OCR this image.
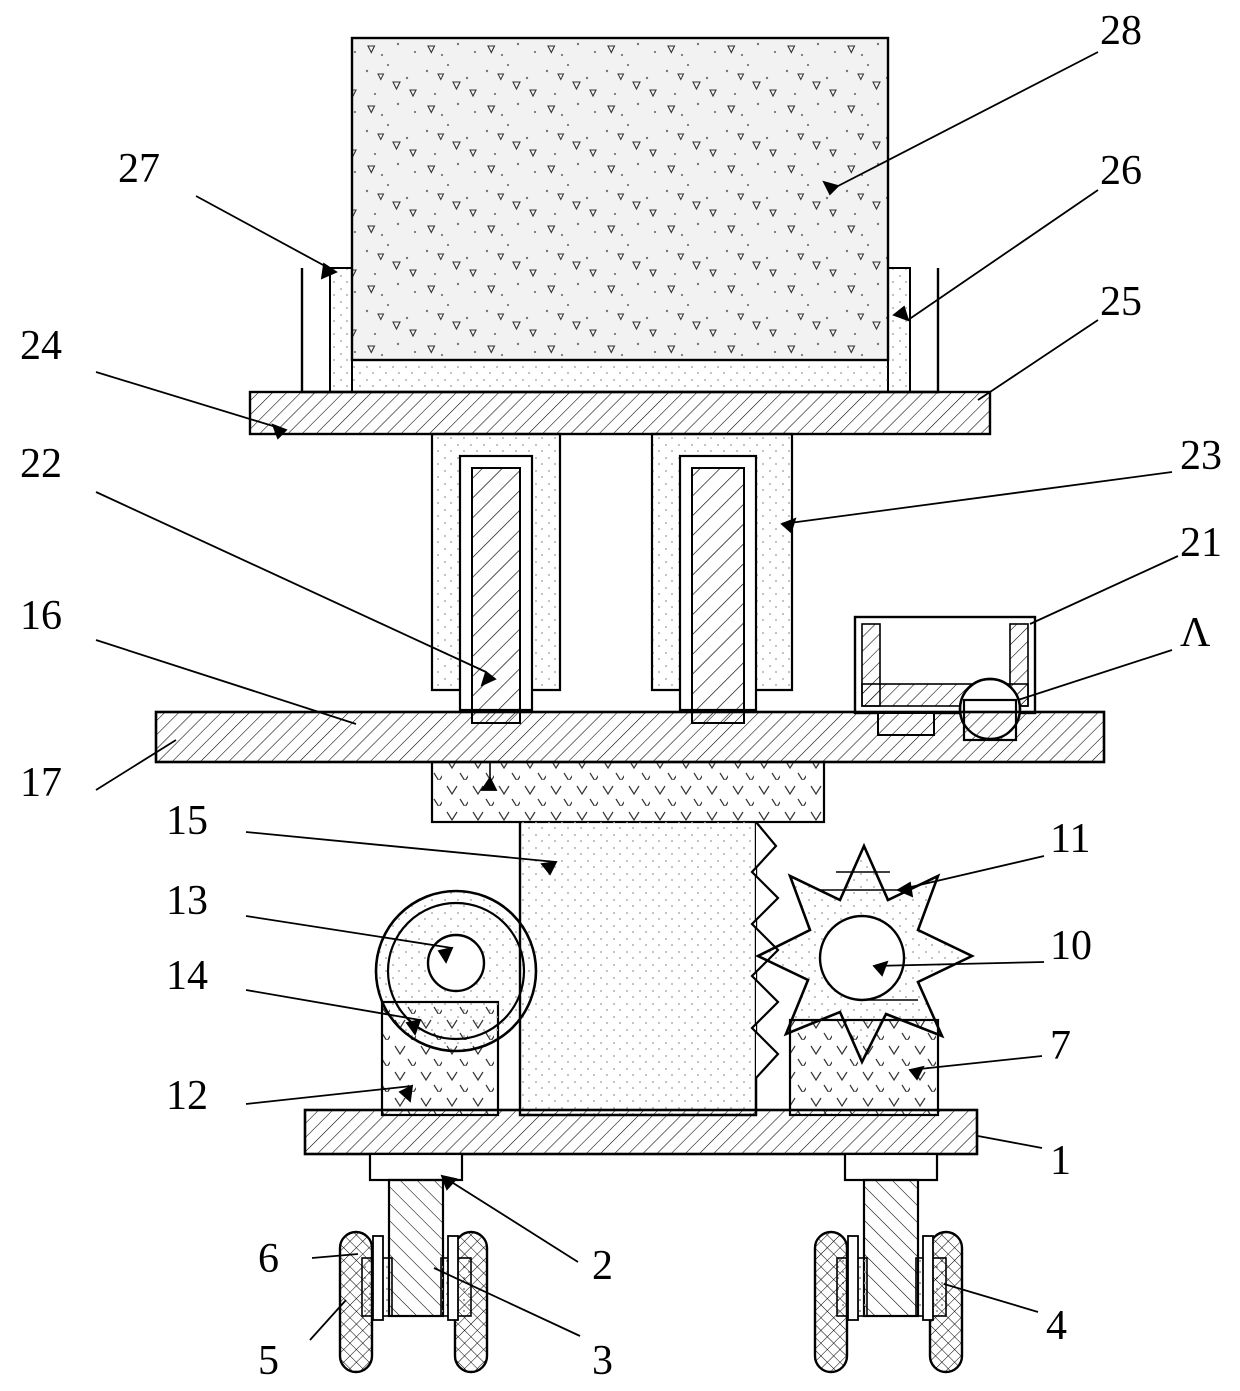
28
27	26
25
24
23
22
21
16	Λ
17
15	11
13
10
14
7
12
1
6	2
4
5	3
